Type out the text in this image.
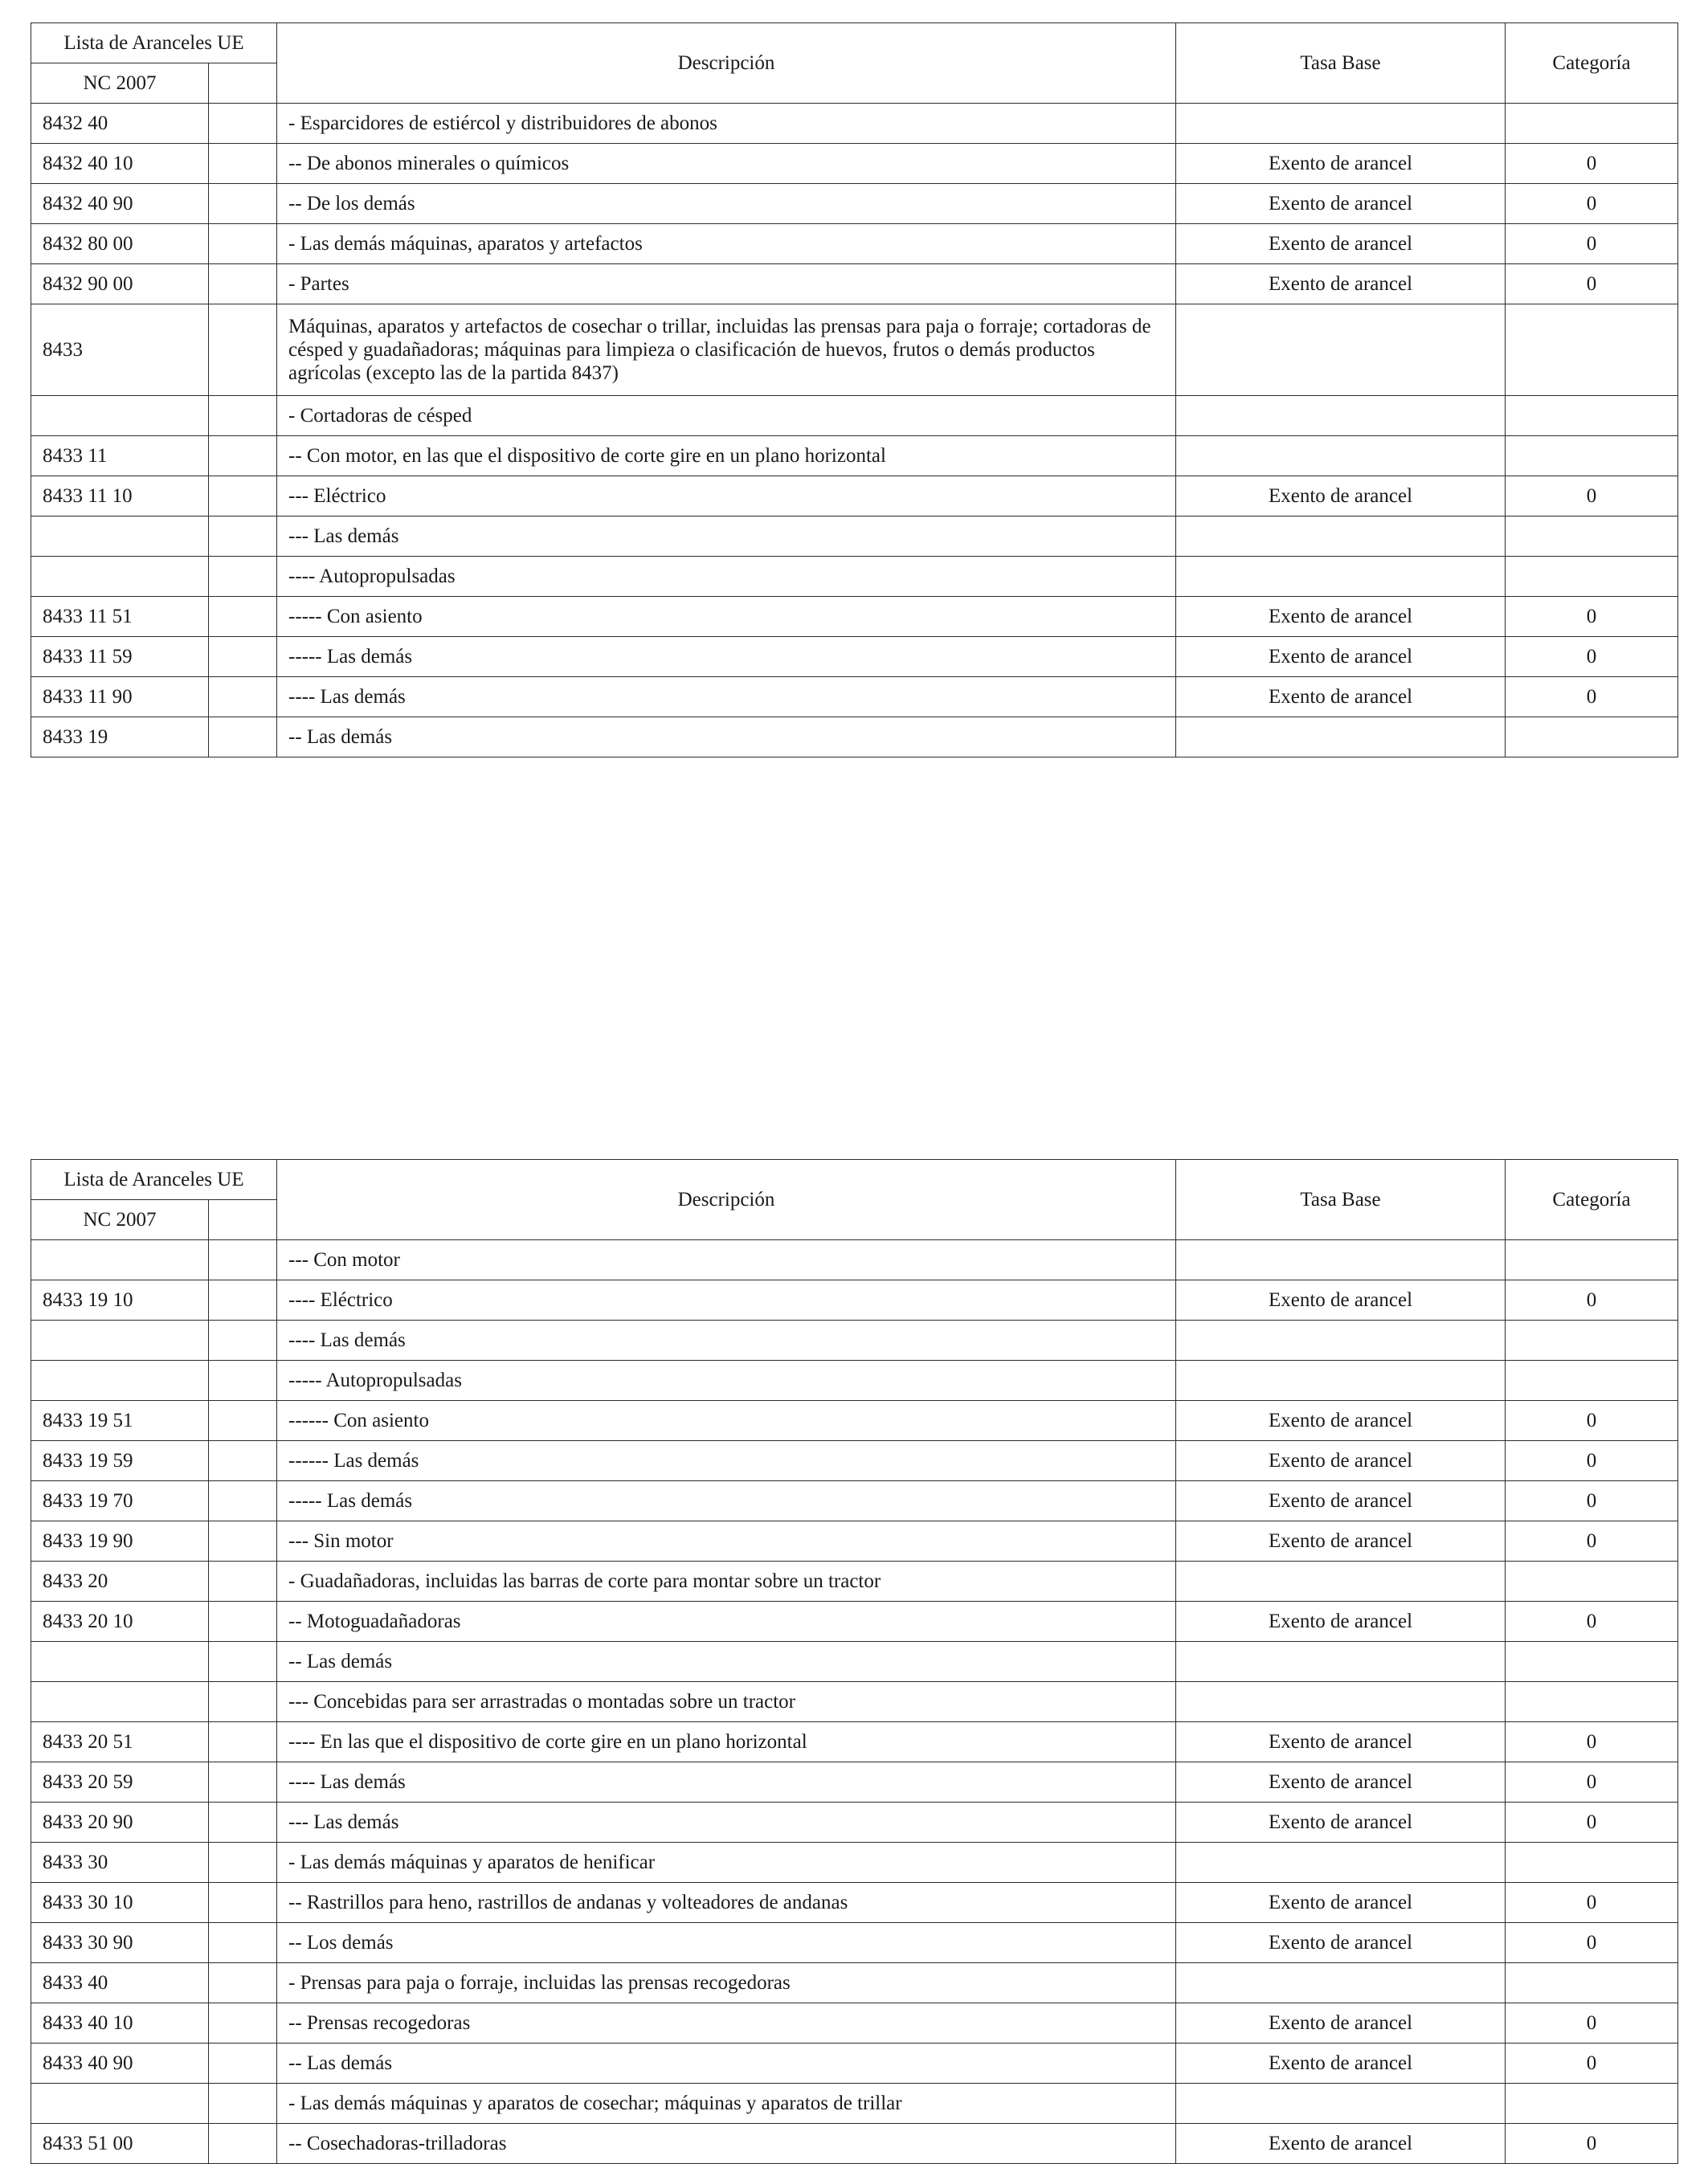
Lista de Aranceles UE		Descripción	Tasa Base	Categoría
NC 2007				
8432 40		- Esparcidores de estiércol y distribuidores de abonos		
8432 40 10		-- De abonos minerales o químicos	Exento de arancel	0
8432 40 90		-- De los demás	Exento de arancel	0
8432 80 00		- Las demás máquinas, aparatos y artefactos	Exento de arancel	0
8432 90 00		- Partes	Exento de arancel	0
8433		Máquinas, aparatos y artefactos de cosechar o trillar, incluidas las prensas para paja o forraje; cortadoras de césped y guadañadoras; máquinas para limpieza o clasificación de huevos, frutos o demás productos agrícolas (excepto las de la partida 8437)		
		- Cortadoras de césped		
8433 11		-- Con motor, en las que el dispositivo de corte gire en un plano horizontal		
8433 11 10		--- Eléctrico	Exento de arancel	0
		--- Las demás		
		---- Autopropulsadas		
8433 11 51		----- Con asiento	Exento de arancel	0
8433 11 59		----- Las demás	Exento de arancel	0
8433 11 90		---- Las demás	Exento de arancel	0
8433 19		-- Las demás		
Lista de Aranceles UE		Descripción	Tasa Base	Categoría
NC 2007				
		--- Con motor		
8433 19 10		---- Eléctrico	Exento de arancel	0
		---- Las demás		
		----- Autopropulsadas		
8433 19 51		------ Con asiento	Exento de arancel	0
8433 19 59		------ Las demás	Exento de arancel	0
8433 19 70		----- Las demás	Exento de arancel	0
8433 19 90		--- Sin motor	Exento de arancel	0
8433 20		- Guadañadoras, incluidas las barras de corte para montar sobre un tractor		
8433 20 10		-- Motoguadañadoras	Exento de arancel	0
		-- Las demás		
		--- Concebidas para ser arrastradas o montadas sobre un tractor		
8433 20 51		---- En las que el dispositivo de corte gire en un plano horizontal	Exento de arancel	0
8433 20 59		---- Las demás	Exento de arancel	0
8433 20 90		--- Las demás	Exento de arancel	0
8433 30		- Las demás máquinas y aparatos de henificar		
8433 30 10		-- Rastrillos para heno, rastrillos de andanas y volteadores de andanas	Exento de arancel	0
8433 30 90		-- Los demás	Exento de arancel	0
8433 40		- Prensas para paja o forraje, incluidas las prensas recogedoras		
8433 40 10		-- Prensas recogedoras	Exento de arancel	0
8433 40 90		-- Las demás	Exento de arancel	0
		- Las demás máquinas y aparatos de cosechar; máquinas y aparatos de trillar		
8433 51 00		-- Cosechadoras-trilladoras	Exento de arancel	0
